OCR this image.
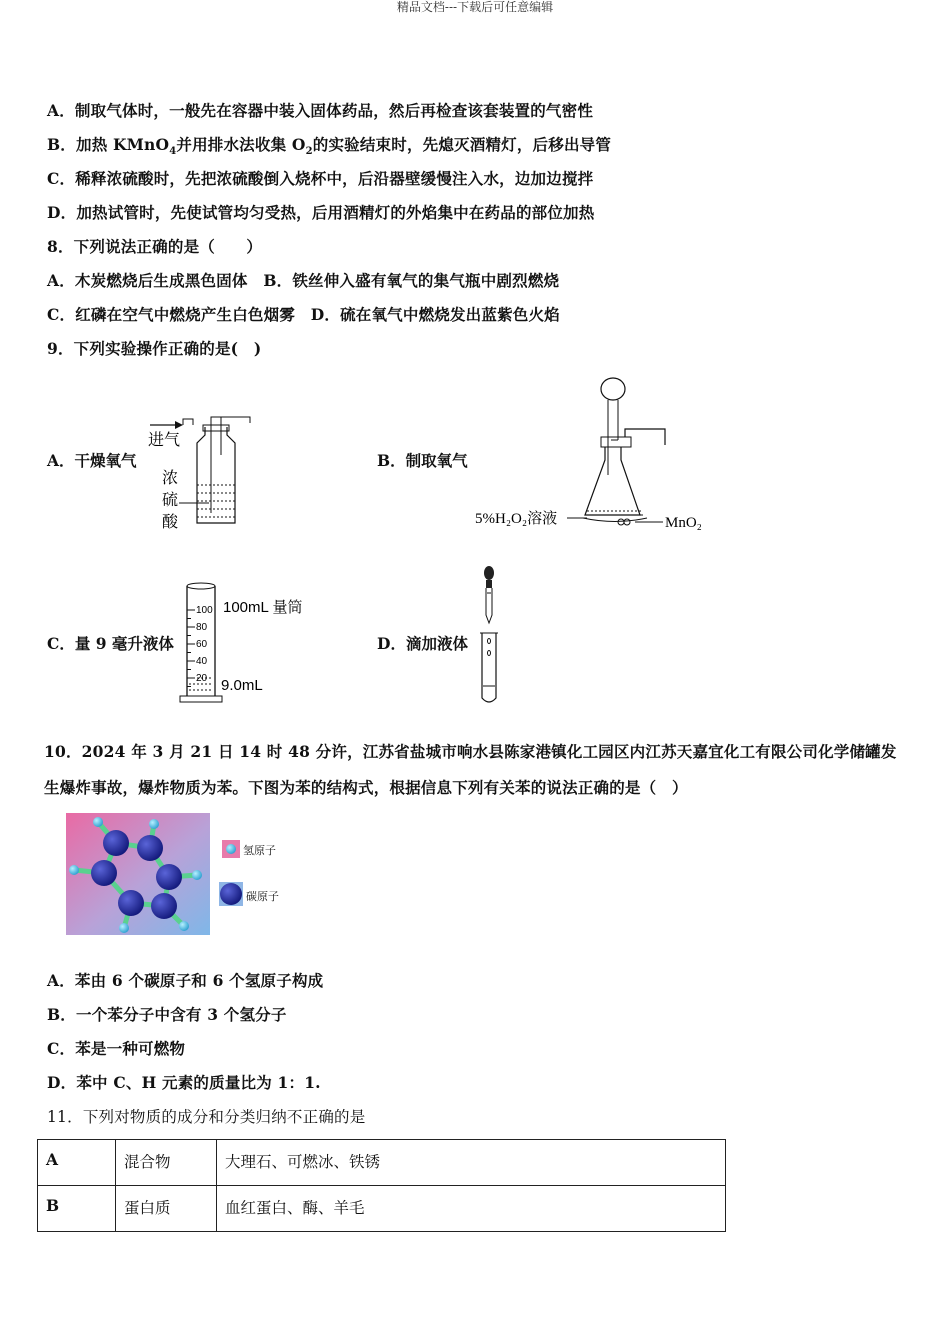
精品文档---下载后可任意编辑
A．制取气体时，一般先在容器中装入固体药品，然后再检查该套装置的气密性
B．加热 KMnO$_4$并用排水法收集 $O_2$的实验结束时，先熄灭酒精灯，后移出导管
C．稀释浓硫酸时，先把浓硫酸倒入烧杯中，后沿器壁缓慢注入水，边加边搅拌
D．加热试管时，先使试管均匀受热，后用酒精灯的外焰集中在药品的部位加热
8．下列说法正确的是（　　）
A．木炭燃烧后生成黑色固体　B．铁丝伸入盛有氧气的集气瓶中剧烈燃烧
C．红磷在空气中燃烧产生白色烟雾　D．硫在氧气中燃烧发出蓝紫色火焰
9．下列实验操作正确的是(　)
A．干燥氧气	B．制取氧气
C．量 9 毫升液体	D．滴加液体
进气
浓
硫
酸	5%H₂O₂溶液	MnO₂
100
80
60
40
20
100mL 量筒
9.0mL
10．2024 年 3 月 21 日 14 时 48 分许，江苏省盐城市响水县陈家港镇化工园区内江苏天嘉宜化工有限公司化学储罐发
生爆炸事故，爆炸物质为苯。下图为苯的结构式，根据信息下列有关苯的说法正确的是（　）
氢原子
碳原子
A．苯由 6 个碳原子和 6 个氢原子构成
B．一个苯分子中含有 3 个氢分子
C．苯是一种可燃物
D．苯中 C、H 元素的质量比为 1：1.
11．下列对物质的成分和分类归纳不正确的是
A	混合物	大理石、可燃冰、铁锈
B	蛋白质	血红蛋白、酶、羊毛
